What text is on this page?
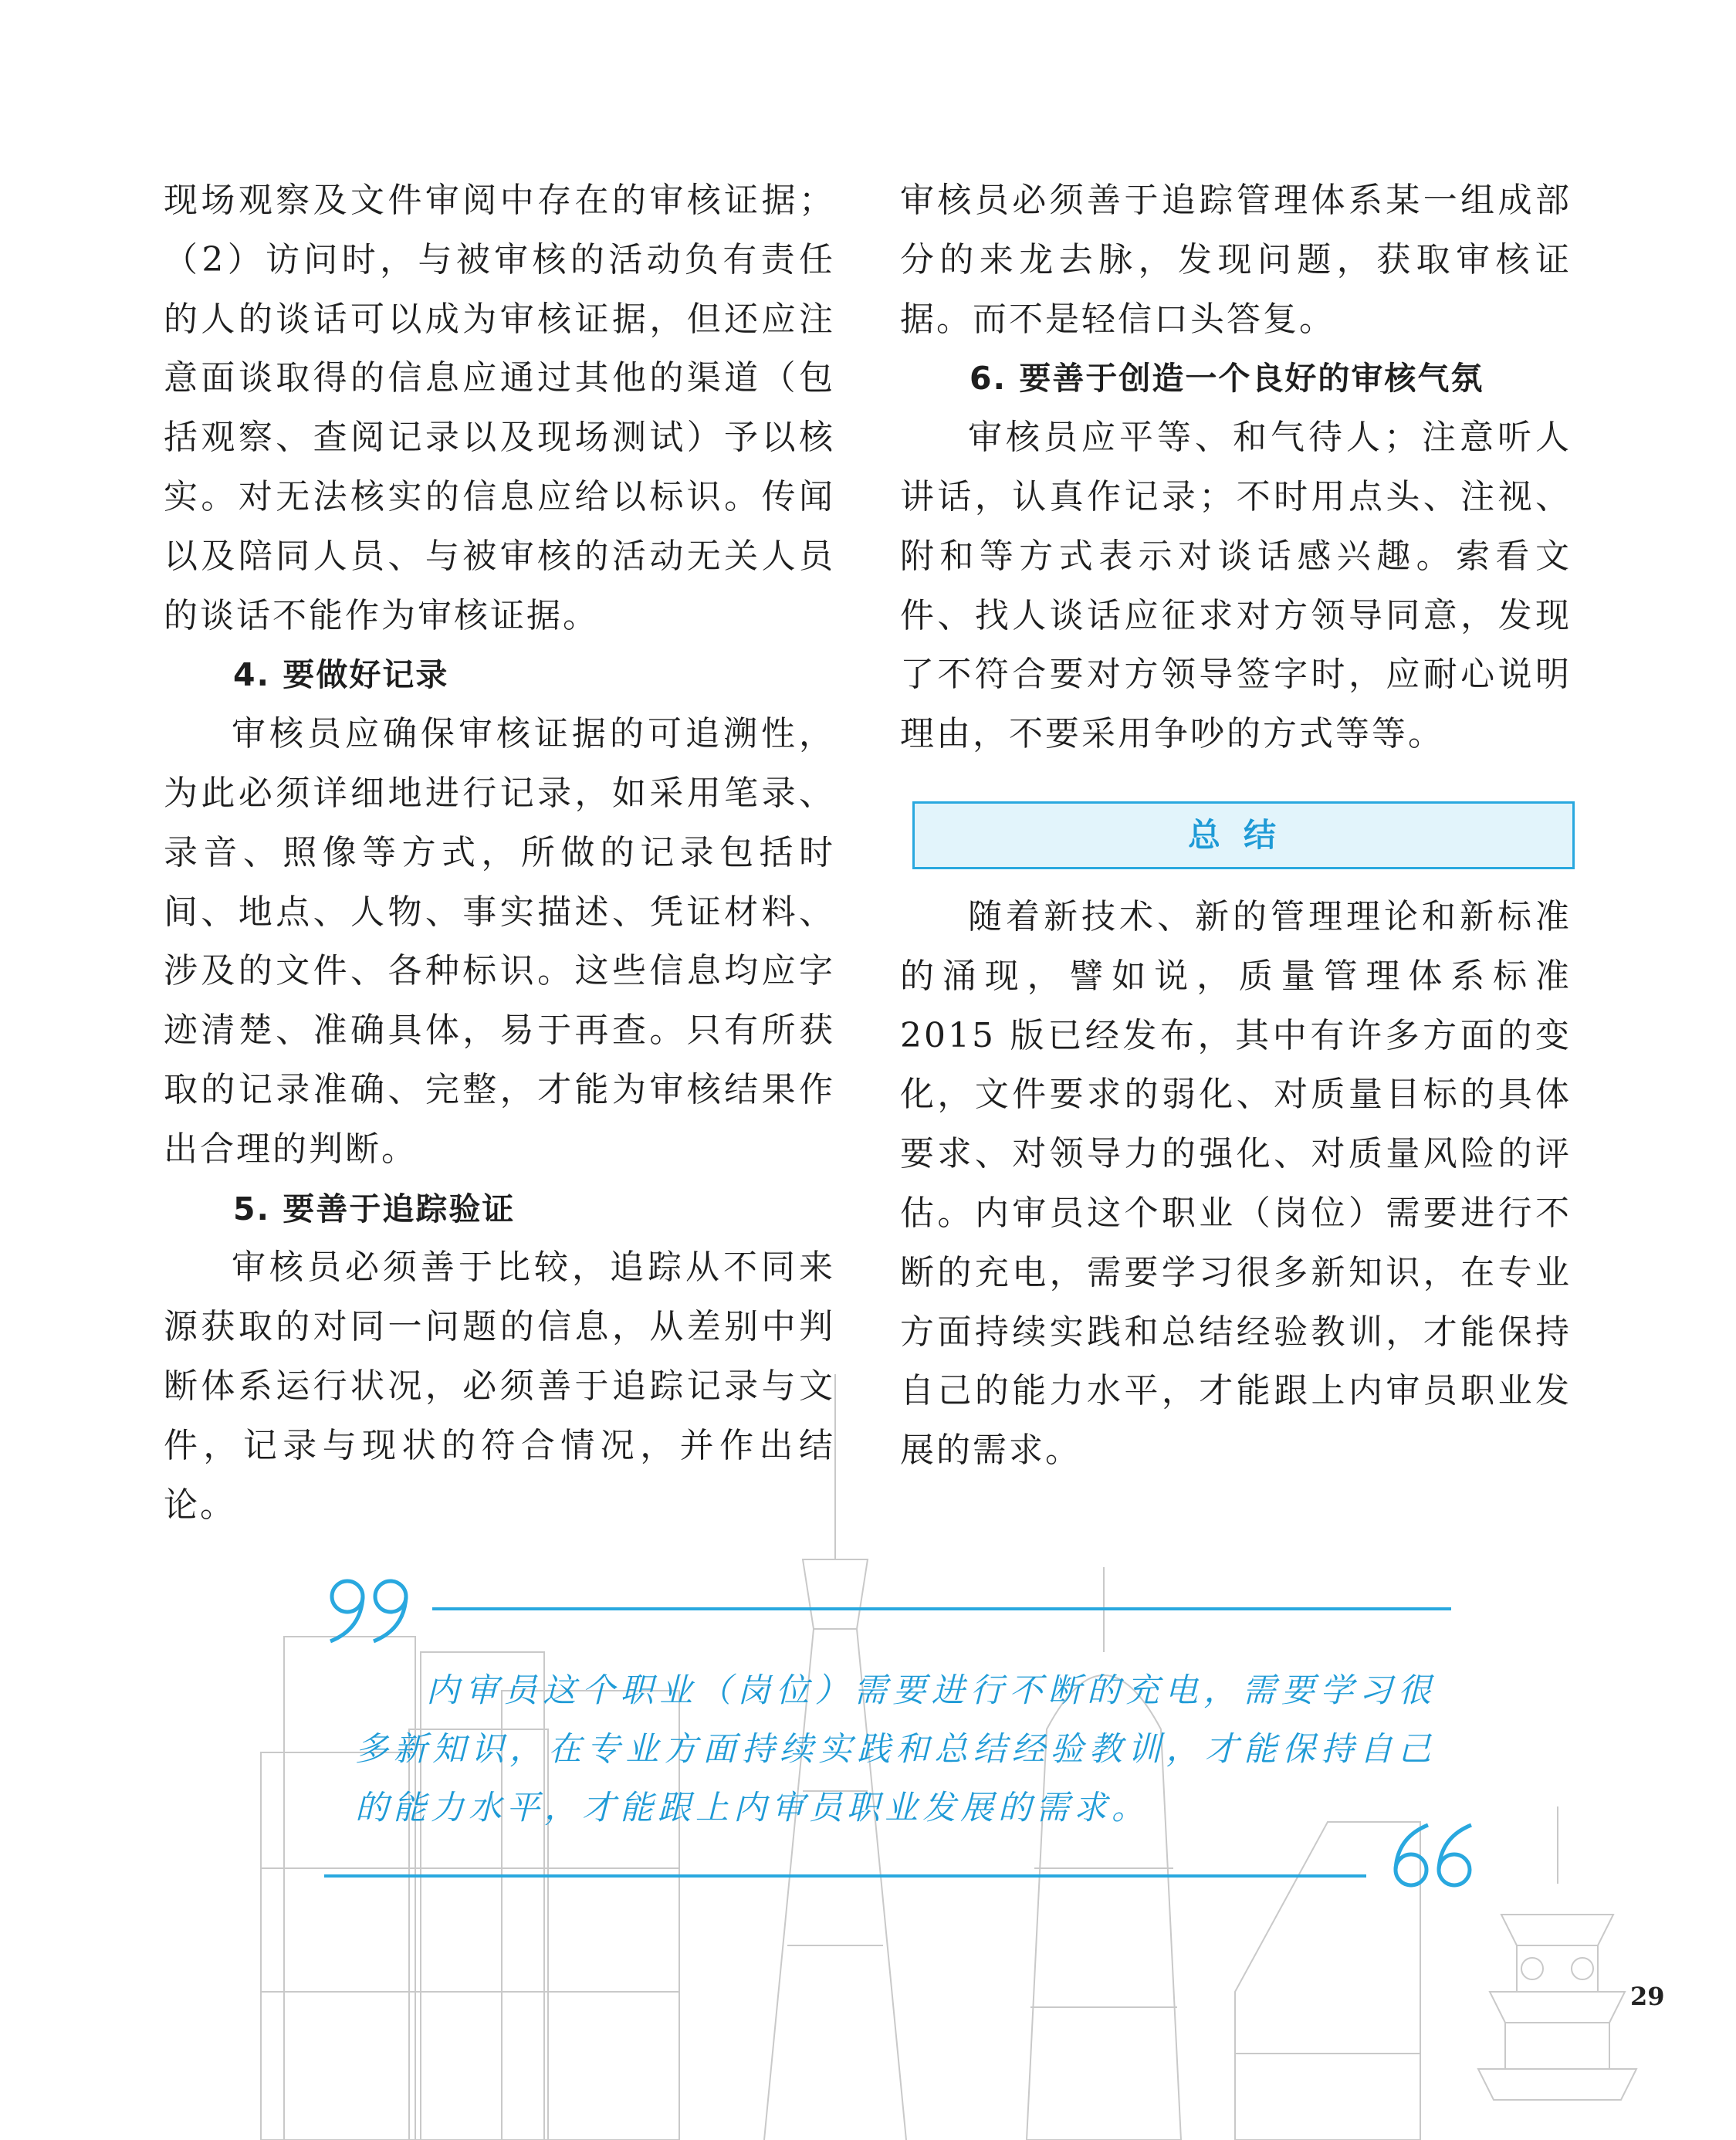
现场观察及文件审阅中存在的审核证据；（2）访问时，与被审核的活动负有责任的人的谈话可以成为审核证据，但还应注意面谈取得的信息应通过其他的渠道（包括观察、查阅记录以及现场测试）予以核实。对无法核实的信息应给以标识。传闻以及陪同人员、与被审核的活动无关人员的谈话不能作为审核证据。

4. 要做好记录

审核员应确保审核证据的可追溯性，为此必须详细地进行记录，如采用笔录、录音、照像等方式，所做的记录包括时间、地点、人物、事实描述、凭证材料、涉及的文件、各种标识。这些信息均应字迹清楚、准确具体，易于再查。只有所获取的记录准确、完整，才能为审核结果作出合理的判断。

5. 要善于追踪验证

审核员必须善于比较，追踪从不同来源获取的对同一问题的信息，从差别中判断体系运行状况，必须善于追踪记录与文件，记录与现状的符合情况，并作出结论。

审核员必须善于追踪管理体系某一组成部分的来龙去脉，发现问题，获取审核证据。而不是轻信口头答复。

6. 要善于创造一个良好的审核气氛

审核员应平等、和气待人；注意听人讲话，认真作记录；不时用点头、注视、附和等方式表示对谈话感兴趣。索看文件、找人谈话应征求对方领导同意，发现了不符合要对方领导签字时，应耐心说明理由，不要采用争吵的方式等等。

总结

随着新技术、新的管理理论和新标准的涌现，譬如说，质量管理体系标准 2015 版已经发布，其中有许多方面的变化，文件要求的弱化、对质量目标的具体要求、对领导力的强化、对质量风险的评估。内审员这个职业（岗位）需要进行不断的充电，需要学习很多新知识，在专业方面持续实践和总结经验教训，才能保持自己的能力水平，才能跟上内审员职业发展的需求。

内审员这个职业（岗位）需要进行不断的充电，需要学习很多新知识，在专业方面持续实践和总结经验教训，才能保持自己的能力水平，才能跟上内审员职业发展的需求。

29
